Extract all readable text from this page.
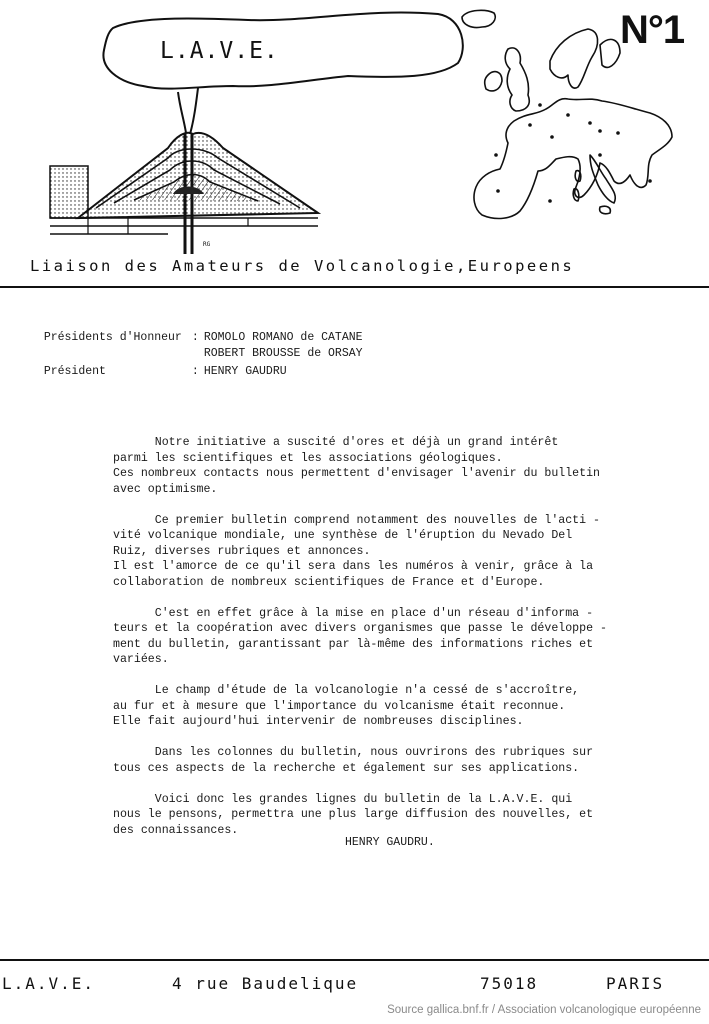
RG
L.A.V.E.	N°1
Liaison des Amateurs de Volcanologie,Europeens

Présidents d'Honneur : ROMOLO ROMANO de CATANE
ROBERT BROUSSE de ORSAY

Président	: HENRY GAUDRU

Notre initiative a suscité d'ores et déjà un grand intérêt
parmi les scientifiques et les associations géologiques.
Ces nombreux contacts nous permettent d'envisager l'avenir du bulletin
avec optimisme.

Ce premier bulletin comprend notamment des nouvelles de l'acti -
vité volcanique mondiale, une synthèse de l'éruption du Nevado Del
Ruiz, diverses rubriques et annonces.
Il est l'amorce de ce qu'il sera dans les numéros à venir, grâce à la
collaboration de nombreux scientifiques de France et d'Europe.

C'est en effet grâce à la mise en place d'un réseau d'informa -
teurs et la coopération avec divers organismes que passe le développe -
ment du bulletin, garantissant par là-même des informations riches et
variées.

Le champ d'étude de la volcanologie n'a cessé de s'accroître,
au fur et à mesure que l'importance du volcanisme était reconnue.
Elle fait aujourd'hui intervenir de nombreuses disciplines.

Dans les colonnes du bulletin, nous ouvrirons des rubriques sur
tous ces aspects de la recherche et également sur ses applications.

Voici donc les grandes lignes du bulletin de la L.A.V.E. qui
nous le pensons, permettra une plus large diffusion des nouvelles, et
des connaissances.

HENRY GAUDRU.
L.A.V.E.	4 rue Baudelique	75018	PARIS
Source gallica.bnf.fr / Association volcanologique européenne
